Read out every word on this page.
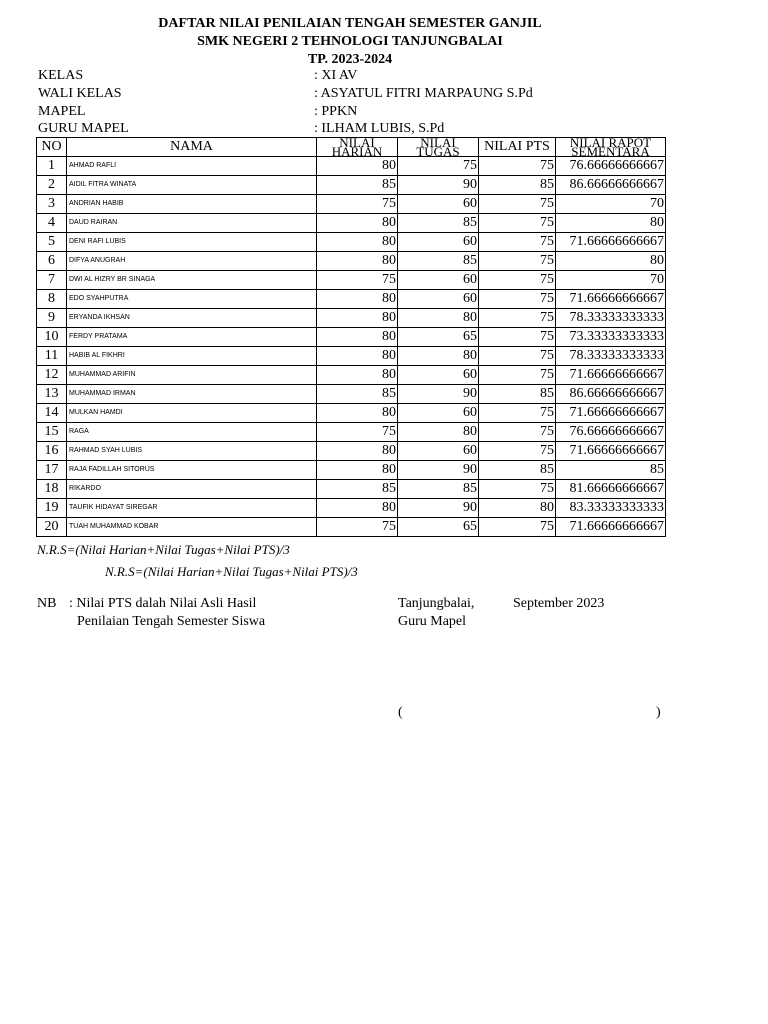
DAFTAR NILAI PENILAIAN TENGAH SEMESTER GANJIL
SMK NEGERI 2 TEHNOLOGI TANJUNGBALAI
TP. 2023-2024
KELAS	: XI AV
WALI KELAS	: ASYATUL FITRI MARPAUNG S.Pd
MAPEL	: PPKN
GURU MAPEL	: ILHAM LUBIS, S.Pd
NO	NAMA	NILAI HARIAN	NILAI TUGAS	NILAI PTS	NILAI RAPOT SEMENTARA
1	AHMAD RAFLI	80	75	75	76.66666666667
2	AIDIL FITRA WINATA	85	90	85	86.66666666667
3	ANDRIAN HABIB	75	60	75	70
4	DAUD RAIRAN	80	85	75	80
5	DENI RAFI LUBIS	80	60	75	71.66666666667
6	DIFYA ANUGRAH	80	85	75	80
7	DWI AL HIZRY BR SINAGA	75	60	75	70
8	EDO SYAHPUTRA	80	60	75	71.66666666667
9	ERYANDA IKHSAN	80	80	75	78.33333333333
10	FERDY PRATAMA	80	65	75	73.33333333333
11	HABIB AL FIKHRI	80	80	75	78.33333333333
12	MUHAMMAD ARIFIN	80	60	75	71.66666666667
13	MUHAMMAD IRMAN	85	90	85	86.66666666667
14	MULKAN HAMDI	80	60	75	71.66666666667
15	RAGA	75	80	75	76.66666666667
16	RAHMAD SYAH LUBIS	80	60	75	71.66666666667
17	RAJA FADILLAH SITORUS	80	90	85	85
18	RIKARDO	85	85	75	81.66666666667
19	TAUFIK HIDAYAT SIREGAR	80	90	80	83.33333333333
20	TUAH MUHAMMAD KOBAR	75	65	75	71.66666666667
N.R.S=(Nilai Harian+Nilai Tugas+Nilai PTS)/3
N.R.S=(Nilai Harian+Nilai Tugas+Nilai PTS)/3
NB : Nilai PTS dalah Nilai Asli Hasil
Penilaian Tengah Semester Siswa
Tanjungbalai,	September 2023
Guru Mapel
(	)
